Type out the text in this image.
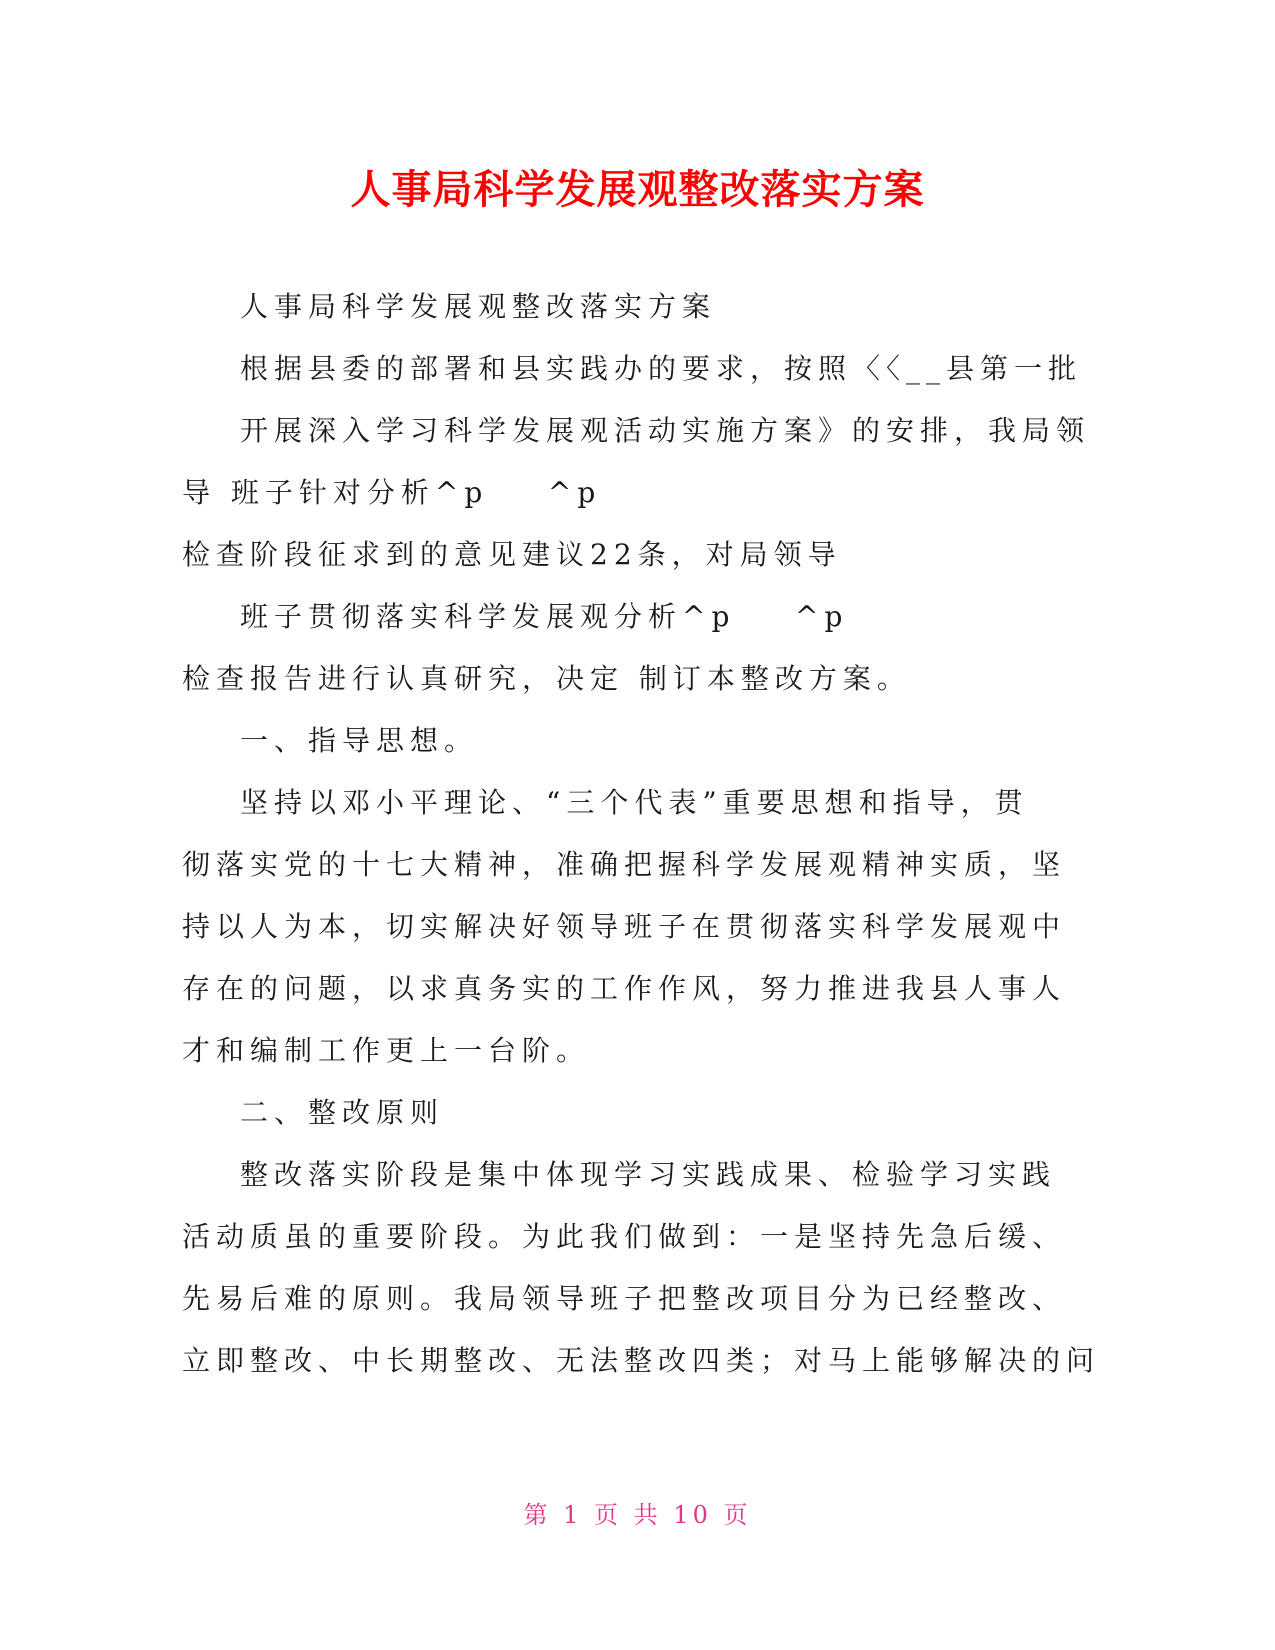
人事局科学发展观整改落实方案
人事局科学发展观整改落实方案
根据县委的部署和县实践办的要求，按照〈〈__县第一批
开展深入学习科学发展观活动实施方案》的安排，我局领
导 班子针对分析^p    ^p
检查阶段征求到的意见建议22条，对局领导
班子贯彻落实科学发展观分析^p    ^p
检查报告进行认真研究，决定 制订本整改方案。
一、指导思想。
坚持以邓小平理论、“三个代表”重要思想和指导，贯
彻落实党的十七大精神，准确把握科学发展观精神实质，坚
持以人为本，切实解决好领导班子在贯彻落实科学发展观中
存在的问题，以求真务实的工作作风，努力推进我县人事人
才和编制工作更上一台阶。
二、整改原则
整改落实阶段是集中体现学习实践成果、检验学习实践
活动质虽的重要阶段。为此我们做到：一是坚持先急后缓、
先易后难的原则。我局领导班子把整改项目分为已经整改、
立即整改、中长期整改、无法整改四类；对马上能够解决的问
第 1 页 共 10 页
